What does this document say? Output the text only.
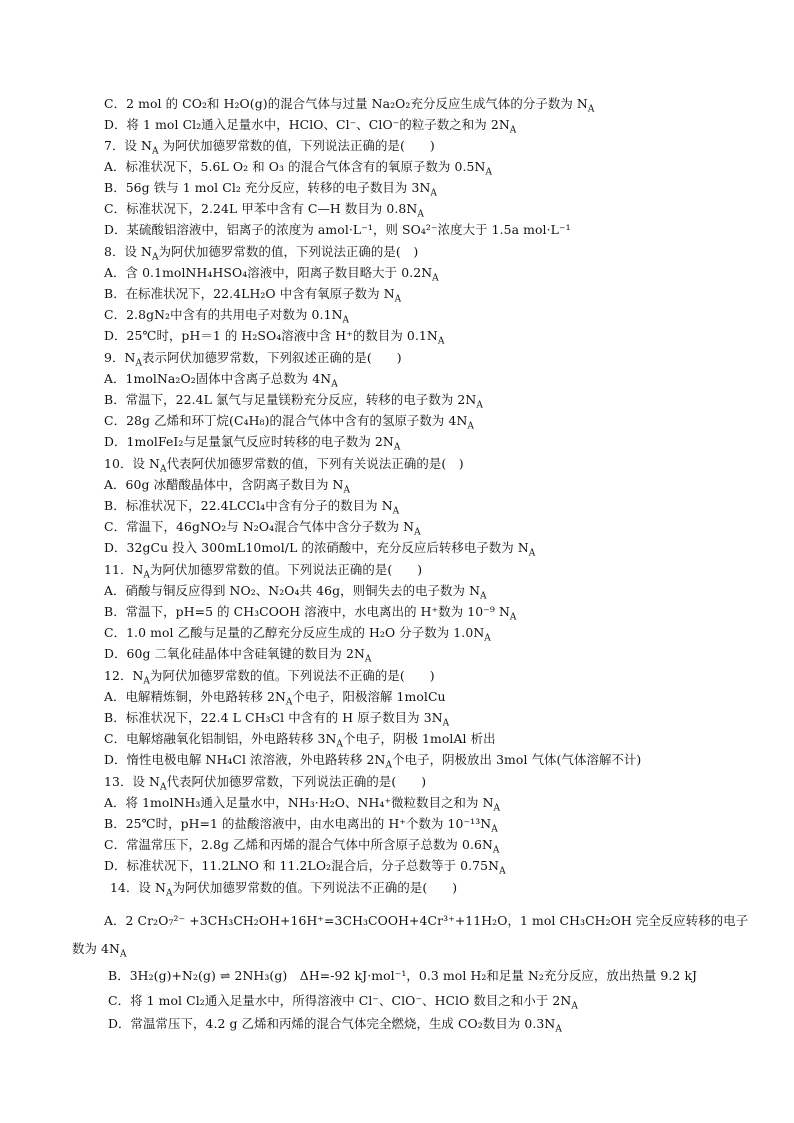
C．2 mol 的 CO₂和 H₂O(g)的混合气体与过量 Na₂O₂充分反应生成气体的分子数为 $N_A$
D．将 1 mol Cl₂通入足量水中，HClO、Cl⁻、ClO⁻的粒子数之和为 $2N_A$
7．设 $N_A$ 为阿伏加德罗常数的值，下列说法正确的是(　　)
A．标准状况下，5.6L O₂ 和 O₃ 的混合气体含有的氧原子数为 $0.5N_A$
B．56g 铁与 1 mol Cl₂ 充分反应，转移的电子数目为 $3N_A$
C．标准状况下，2.24L 甲苯中含有 C—H 数目为 $0.8N_A$
D．某硫酸铝溶液中，铝离子的浓度为 amol·L⁻¹，则 SO₄²⁻浓度大于 1.5a mol·L⁻¹
8．设 $N_A$为阿伏加德罗常数的值，下列说法正确的是(　)
A．含 0.1molNH₄HSO₄溶液中，阳离子数目略大于 $0.2N_A$
B．在标准状况下，22.4LH₂O 中含有氧原子数为 $N_A$
C．2.8gN₂中含有的共用电子对数为 $0.1N_A$
D．25℃时，pH＝1 的 H₂SO₄溶液中含 H⁺的数目为 $0.1N_A$
9．$N_A$表示阿伏加德罗常数，下列叙述正确的是(　　)
A．1molNa₂O₂固体中含离子总数为 $4N_A$
B．常温下，22.4L 氯气与足量镁粉充分反应，转移的电子数为 $2N_A$
C．28g 乙烯和环丁烷(C₄H₈)的混合气体中含有的氢原子数为 $4N_A$
D．1molFeI₂与足量氯气反应时转移的电子数为 $2N_A$
10．设 $N_A$代表阿伏加德罗常数的值，下列有关说法正确的是(　)
A．60g 冰醋酸晶体中，含阴离子数目为 $N_A$
B．标准状况下，22.4LCCl₄中含有分子的数目为 $N_A$
C．常温下，46gNO₂与 N₂O₄混合气体中含分子数为 $N_A$
D．32gCu 投入 300mL10mol/L 的浓硝酸中，充分反应后转移电子数为 $N_A$
11．$N_A$为阿伏加德罗常数的值。下列说法正确的是(　　)
A．硝酸与铜反应得到 NO₂、N₂O₄共 46g，则铜失去的电子数为 $N_A$
B．常温下，pH=5 的 CH₃COOH 溶液中，水电离出的 H⁺数为 10⁻⁹ $N_A$
C．1.0 mol 乙酸与足量的乙醇充分反应生成的 H₂O 分子数为 $1.0N_A$
D．60g 二氧化硅晶体中含硅氧键的数目为 $2N_A$
12．$N_A$为阿伏加德罗常数的值。下列说法不正确的是(　　)
A．电解精炼铜，外电路转移 $2N_A$个电子，阳极溶解 1molCu
B．标准状况下，22.4 L CH₃Cl 中含有的 H 原子数目为 $3N_A$
C．电解熔融氧化铝制铝，外电路转移 $3N_A$个电子，阴极 1molAl 析出
D．惰性电极电解 NH₄Cl 浓溶液，外电路转移 $2N_A$个电子，阴极放出 3mol 气体(气体溶解不计)
13．设 $N_A$代表阿伏加德罗常数，下列说法正确的是(　　)
A．将 1molNH₃通入足量水中，NH₃·H₂O、NH₄⁺微粒数目之和为 $N_A$
B．25℃时，pH=1 的盐酸溶液中，由水电离出的 H⁺个数为 $10^{-13}N_A$
C．常温常压下，2.8g 乙烯和丙烯的混合气体中所含原子总数为 $0.6N_A$
D．标准状况下，11.2LNO 和 11.2LO₂混合后，分子总数等于 $0.75N_A$
14．设 $N_A$为阿伏加德罗常数的值。下列说法不正确的是(　　)
A．2 Cr₂O₇²⁻ +3CH₃CH₂OH+16H⁺=3CH₃COOH+4Cr³⁺+11H₂O，1 mol CH₃CH₂OH 完全反应转移的电子
数为 $4N_A$
B．3H₂(g)+N₂(g) ⇌ 2NH₃(g)　ΔH=-92 kJ·mol⁻¹，0.3 mol H₂和足量 N₂充分反应，放出热量 9.2 kJ
C．将 1 mol Cl₂通入足量水中，所得溶液中 Cl⁻、ClO⁻、HClO 数目之和小于 $2N_A$
D．常温常压下，4.2 g 乙烯和丙烯的混合气体完全燃烧，生成 CO₂数目为 $0.3N_A$
